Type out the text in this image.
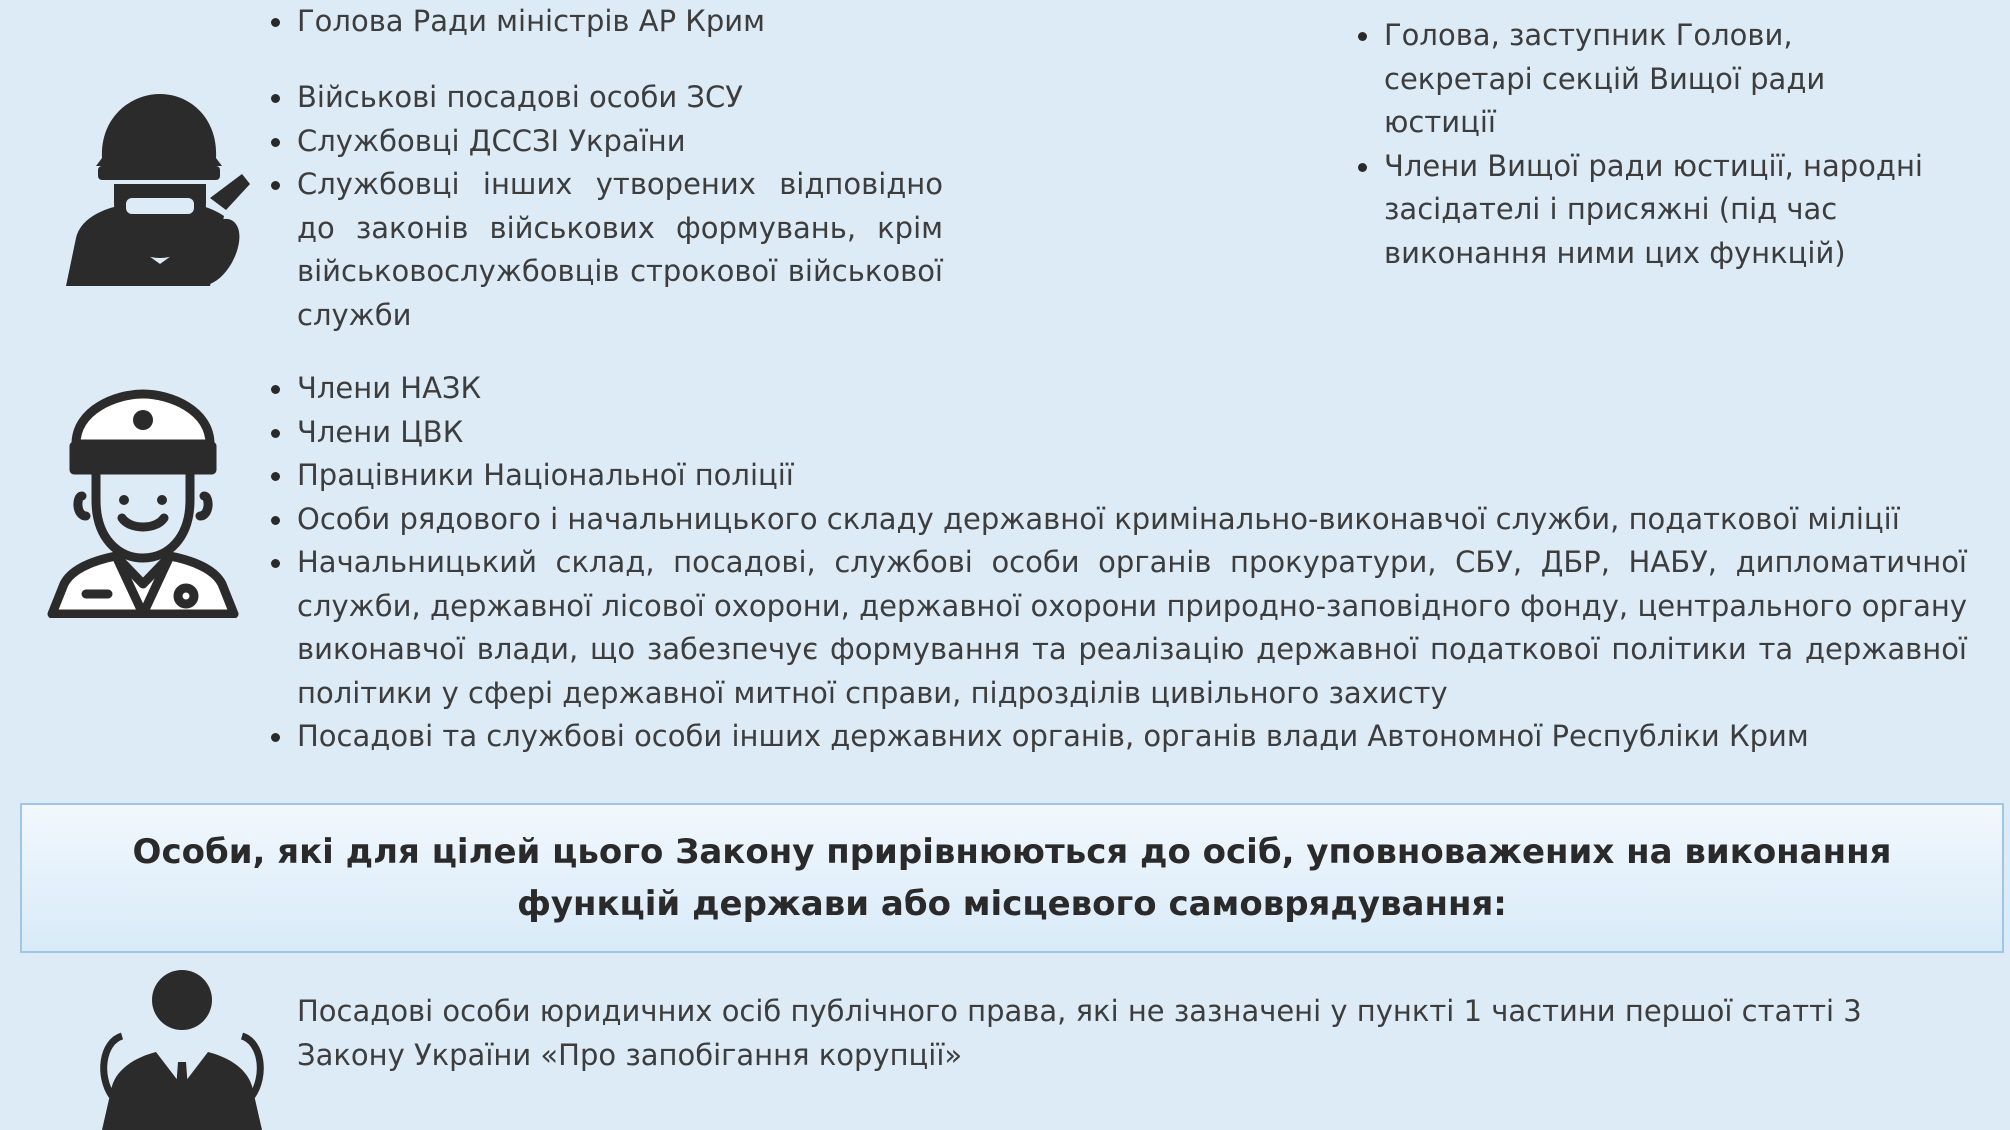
Голова Ради міністрів АР Крим	Голова, заступник Голови, секретарі секцій Вищої ради юстиції
Члени Вищої ради юстиції, народні засідателі і присяжні (під час виконання ними цих функцій)
Військові посадові особи ЗСУ
Службовці ДССЗІ України
Службовці інших утворених відповідно до законів військових формувань, крім військовослужбовців строкової військової служби
Члени НАЗК
Члени ЦВК
Працівники Національної поліції
Особи рядового і начальницького складу державної кримінально-виконавчої служби, податкової міліції
Начальницький склад, посадові, службові особи органів прокуратури, СБУ, ДБР, НАБУ, дипломатичної служби, державної лісової охорони, державної охорони природно-заповідного фонду, центрального органу виконавчої влади, що забезпечує формування та реалізацію державної податкової політики та державної політики у сфері державної митної справи, підрозділів цивільного захисту
Посадові та службові особи інших державних органів, органів влади Автономної Республіки Крим
Особи, які для цілей цього Закону прирівнюються до осіб, уповноважених на виконання функцій держави або місцевого самоврядування:

Посадові особи юридичних осіб публічного права, які не зазначені у пункті 1 частини першої статті 3 Закону України «Про запобігання корупції»
